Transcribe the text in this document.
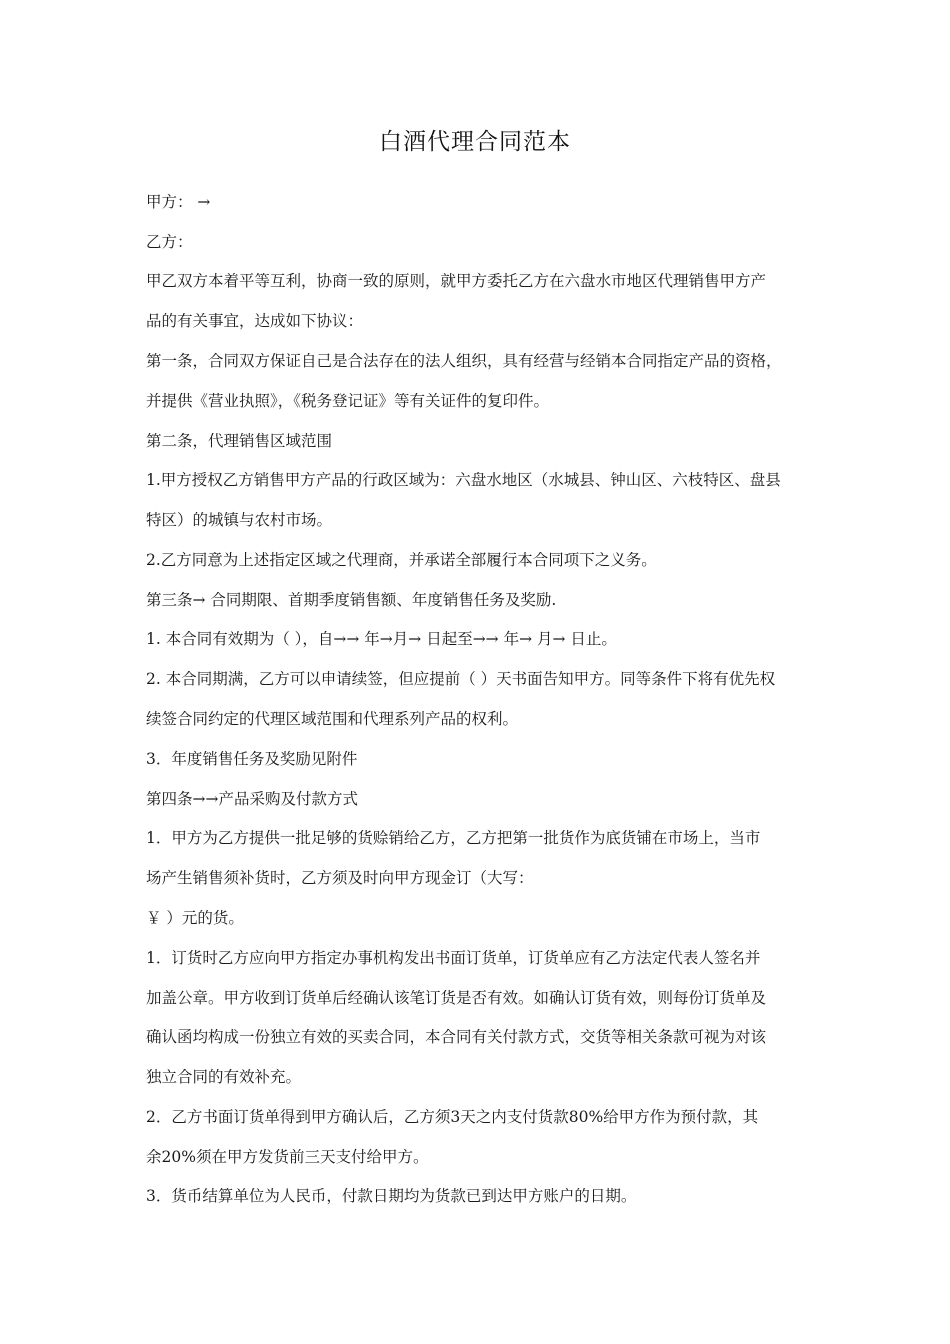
白酒代理合同范本
甲方： →
乙方：
甲乙双方本着平等互利，协商一致的原则，就甲方委托乙方在六盘水市地区代理销售甲方产
品的有关事宜，达成如下协议：
第一条，合同双方保证自己是合法存在的法人组织，具有经营与经销本合同指定产品的资格，
并提供《营业执照》，《税务登记证》等有关证件的复印件。
第二条，代理销售区域范围
1.甲方授权乙方销售甲方产品的行政区域为：六盘水地区（水城县、钟山区、六枝特区、盘县
特区）的城镇与农村市场。
2.乙方同意为上述指定区域之代理商，并承诺全部履行本合同项下之义务。
第三条→ 合同期限、首期季度销售额、年度销售任务及奖励.
1. 本合同有效期为（ ），自→→ 年→月→ 日起至→→ 年→ 月→ 日止。
2. 本合同期满，乙方可以申请续签，但应提前（ ）天书面告知甲方。同等条件下将有优先权
续签合同约定的代理区域范围和代理系列产品的权利。
3．年度销售任务及奖励见附件
第四条→→产品采购及付款方式
1．甲方为乙方提供一批足够的货赊销给乙方，乙方把第一批货作为底货铺在市场上，当市
场产生销售须补货时，乙方须及时向甲方现金订（大写：
￥ ）元的货。
1．订货时乙方应向甲方指定办事机构发出书面订货单，订货单应有乙方法定代表人签名并
加盖公章。甲方收到订货单后经确认该笔订货是否有效。如确认订货有效，则每份订货单及
确认函均构成一份独立有效的买卖合同，本合同有关付款方式，交货等相关条款可视为对该
独立合同的有效补充。
2．乙方书面订货单得到甲方确认后，乙方须3天之内支付货款80%给甲方作为预付款，其
余20%须在甲方发货前三天支付给甲方。
3．货币结算单位为人民币，付款日期均为货款已到达甲方账户的日期。
